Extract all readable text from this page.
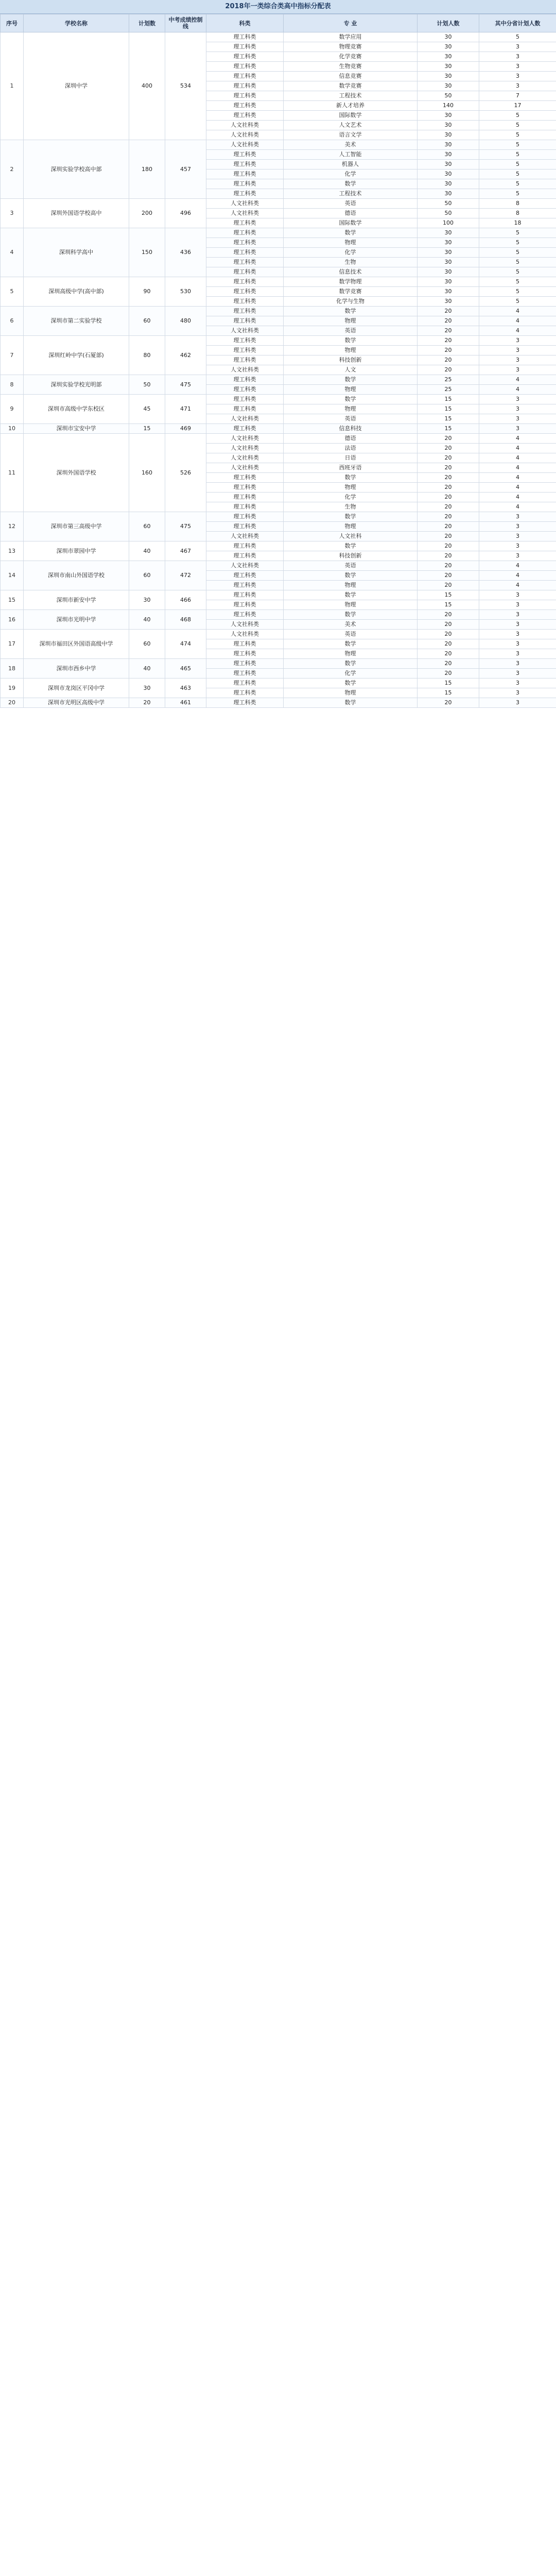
2018年一类综合类高中指标分配表
序号	学校名称	计划数	中考成绩控制线	科类	专 业	计划人数	其中分省计划人数
1	深圳中学	400	534	理工科类	数学应用	30	5
				理工科类	物理竞赛	30	3
				理工科类	化学竞赛	30	3
				理工科类	生物竞赛	30	3
				理工科类	信息竞赛	30	3
				理工科类	数学竞赛	30	3
				理工科类	工程技术	50	7
				理工科类	新人才培养	140	17
				理工科类	国际数学	30	5
				人文社科类	人文艺术	30	5
				人文社科类	语言文学	30	5
2	深圳实验学校高中部	180	457	人文社科类	美术	30	5
				理工科类	人工智能	30	5
				理工科类	机器人	30	5
				理工科类	化学	30	5
				理工科类	数学	30	5
				理工科类	工程技术	30	5
3	深圳外国语学校高中	200	496	人文社科类	英语	50	8
				人文社科类	德语	50	8
				理工科类	国际数学	100	18
4	深圳科学高中	150	436	理工科类	数学	30	5
				理工科类	物理	30	5
				理工科类	化学	30	5
				理工科类	生物	30	5
				理工科类	信息技术	30	5
5	深圳高级中学(高中部)	90	530	理工科类	数学物理	30	5
				理工科类	数学竞赛	30	5
				理工科类	化学与生物	30	5
6	深圳市第二实验学校	60	480	理工科类	数学	20	4
				理工科类	物理	20	4
				人文社科类	英语	20	4
7	深圳红岭中学(石厦部)	80	462	理工科类	数学	20	3
				理工科类	物理	20	3
				理工科类	科技创新	20	3
				人文社科类	人文	20	3
8	深圳实验学校光明部	50	475	理工科类	数学	25	4
				理工科类	物理	25	4
9	深圳市高级中学东校区	45	471	理工科类	数学	15	3
				理工科类	物理	15	3
				人文社科类	英语	15	3
10	深圳市宝安中学	15	469	理工科类	信息科技	15	3
11	深圳外国语学校	160	526	人文社科类	德语	20	4
				人文社科类	法语	20	4
				人文社科类	日语	20	4
				人文社科类	西班牙语	20	4
				理工科类	数学	20	4
				理工科类	物理	20	4
				理工科类	化学	20	4
				理工科类	生物	20	4
12	深圳市第三高级中学	60	475	理工科类	数学	20	3
				理工科类	物理	20	3
				人文社科类	人文社科	20	3
13	深圳市翠园中学	40	467	理工科类	数学	20	3
				理工科类	科技创新	20	3
14	深圳市南山外国语学校	60	472	人文社科类	英语	20	4
				理工科类	数学	20	4
				理工科类	物理	20	4
15	深圳市新安中学	30	466	理工科类	数学	15	3
				理工科类	物理	15	3
16	深圳市光明中学	40	468	理工科类	数学	20	3
				人文社科类	美术	20	3
17	深圳市福田区外国语高级中学	60	474	人文社科类	英语	20	3
				理工科类	数学	20	3
				理工科类	物理	20	3
18	深圳市西乡中学	40	465	理工科类	数学	20	3
				理工科类	化学	20	3
19	深圳市龙岗区平冈中学	30	463	理工科类	数学	15	3
				理工科类	物理	15	3
20	深圳市光明区高级中学	20	461	理工科类	数学	20	3
